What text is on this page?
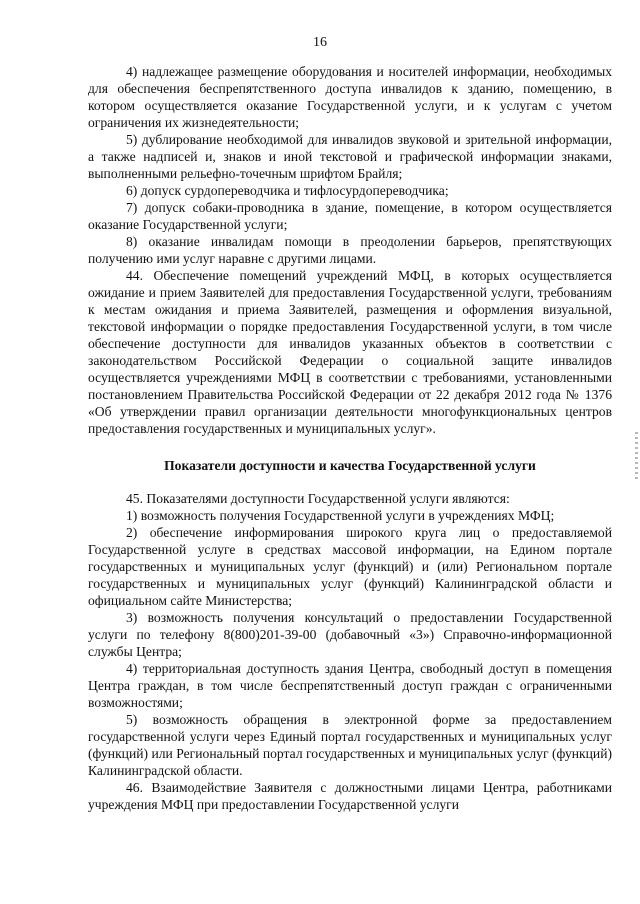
16

4) надлежащее размещение оборудования и носителей информации, необходимых для обеспечения беспрепятственного доступа инвалидов к зданию, помещению, в котором осуществляется оказание Государственной услуги, и к услугам с учетом ограничения их жизнедеятельности;

5) дублирование необходимой для инвалидов звуковой и зрительной информации, а также надписей и, знаков и иной текстовой и графической информации знаками, выполненными рельефно-точечным шрифтом Брайля;

6) допуск сурдопереводчика и тифлосурдопереводчика;

7) допуск собаки-проводника в здание, помещение, в котором осуществляется оказание Государственной услуги;

8) оказание инвалидам помощи в преодолении барьеров, препятствующих получению ими услуг наравне с другими лицами.

44. Обеспечение помещений учреждений МФЦ, в которых осуществляется ожидание и прием Заявителей для предоставления Государственной услуги, требованиям к местам ожидания и приема Заявителей, размещения и оформления визуальной, текстовой информации о порядке предоставления Государственной услуги, в том числе обеспечение доступности для инвалидов указанных объектов в соответствии с законодательством Российской Федерации о социальной защите инвалидов осуществляется учреждениями МФЦ в соответствии с требованиями, установленными постановлением Правительства Российской Федерации от 22 декабря 2012 года № 1376 «Об утверждении правил организации деятельности многофункциональных центров предоставления государственных и муниципальных услуг».

Показатели доступности и качества Государственной услуги

45. Показателями доступности Государственной услуги являются:

1) возможность получения Государственной услуги в учреждениях МФЦ;

2) обеспечение информирования широкого круга лиц о предоставляемой Государственной услуге в средствах массовой информации, на Едином портале государственных и муниципальных услуг (функций) и (или) Региональном портале государственных и муниципальных услуг (функций) Калининградской области и официальном сайте Министерства;

3) возможность получения консультаций о предоставлении Государственной услуги по телефону 8(800)201-39-00 (добавочный «3») Справочно-информационной службы Центра;

4) территориальная доступность здания Центра, свободный доступ в помещения Центра граждан, в том числе беспрепятственный доступ граждан с ограниченными возможностями;

5) возможность обращения в электронной форме за предоставлением государственной услуги через Единый портал государственных и муниципальных услуг (функций) или Региональный портал государственных и муниципальных услуг (функций) Калининградской области.

46. Взаимодействие Заявителя с должностными лицами Центра, работниками учреждения МФЦ при предоставлении Государственной услуги
